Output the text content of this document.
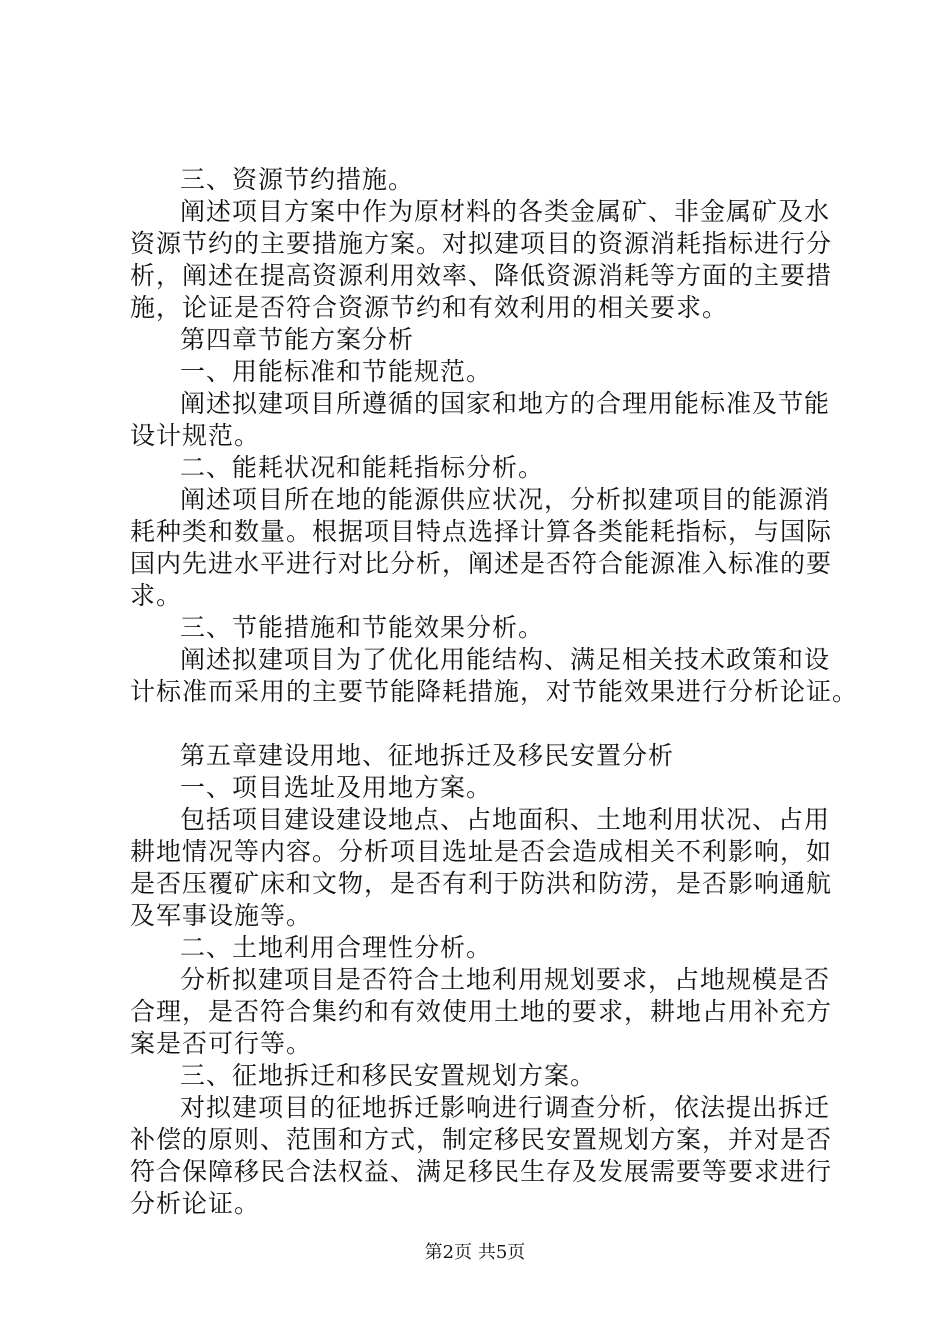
三、资源节约措施。
阐述项目方案中作为原材料的各类金属矿、非金属矿及水
资源节约的主要措施方案。对拟建项目的资源消耗指标进行分
析，阐述在提高资源利用效率、降低资源消耗等方面的主要措
施，论证是否符合资源节约和有效利用的相关要求。
第四章节能方案分析
一、用能标准和节能规范。
阐述拟建项目所遵循的国家和地方的合理用能标准及节能
设计规范。
二、能耗状况和能耗指标分析。
阐述项目所在地的能源供应状况，分析拟建项目的能源消
耗种类和数量。根据项目特点选择计算各类能耗指标，与国际
国内先进水平进行对比分析，阐述是否符合能源准入标准的要
求。
三、节能措施和节能效果分析。
阐述拟建项目为了优化用能结构、满足相关技术政策和设
计标准而采用的主要节能降耗措施，对节能效果进行分析论证。
第五章建设用地、征地拆迁及移民安置分析
一、项目选址及用地方案。
包括项目建设建设地点、占地面积、土地利用状况、占用
耕地情况等内容。分析项目选址是否会造成相关不利影响，如
是否压覆矿床和文物，是否有利于防洪和防涝，是否影响通航
及军事设施等。
二、土地利用合理性分析。
分析拟建项目是否符合土地利用规划要求，占地规模是否
合理，是否符合集约和有效使用土地的要求，耕地占用补充方
案是否可行等。
三、征地拆迁和移民安置规划方案。
对拟建项目的征地拆迁影响进行调查分析，依法提出拆迁
补偿的原则、范围和方式，制定移民安置规划方案，并对是否
符合保障移民合法权益、满足移民生存及发展需要等要求进行
分析论证。
第2页 共5页
